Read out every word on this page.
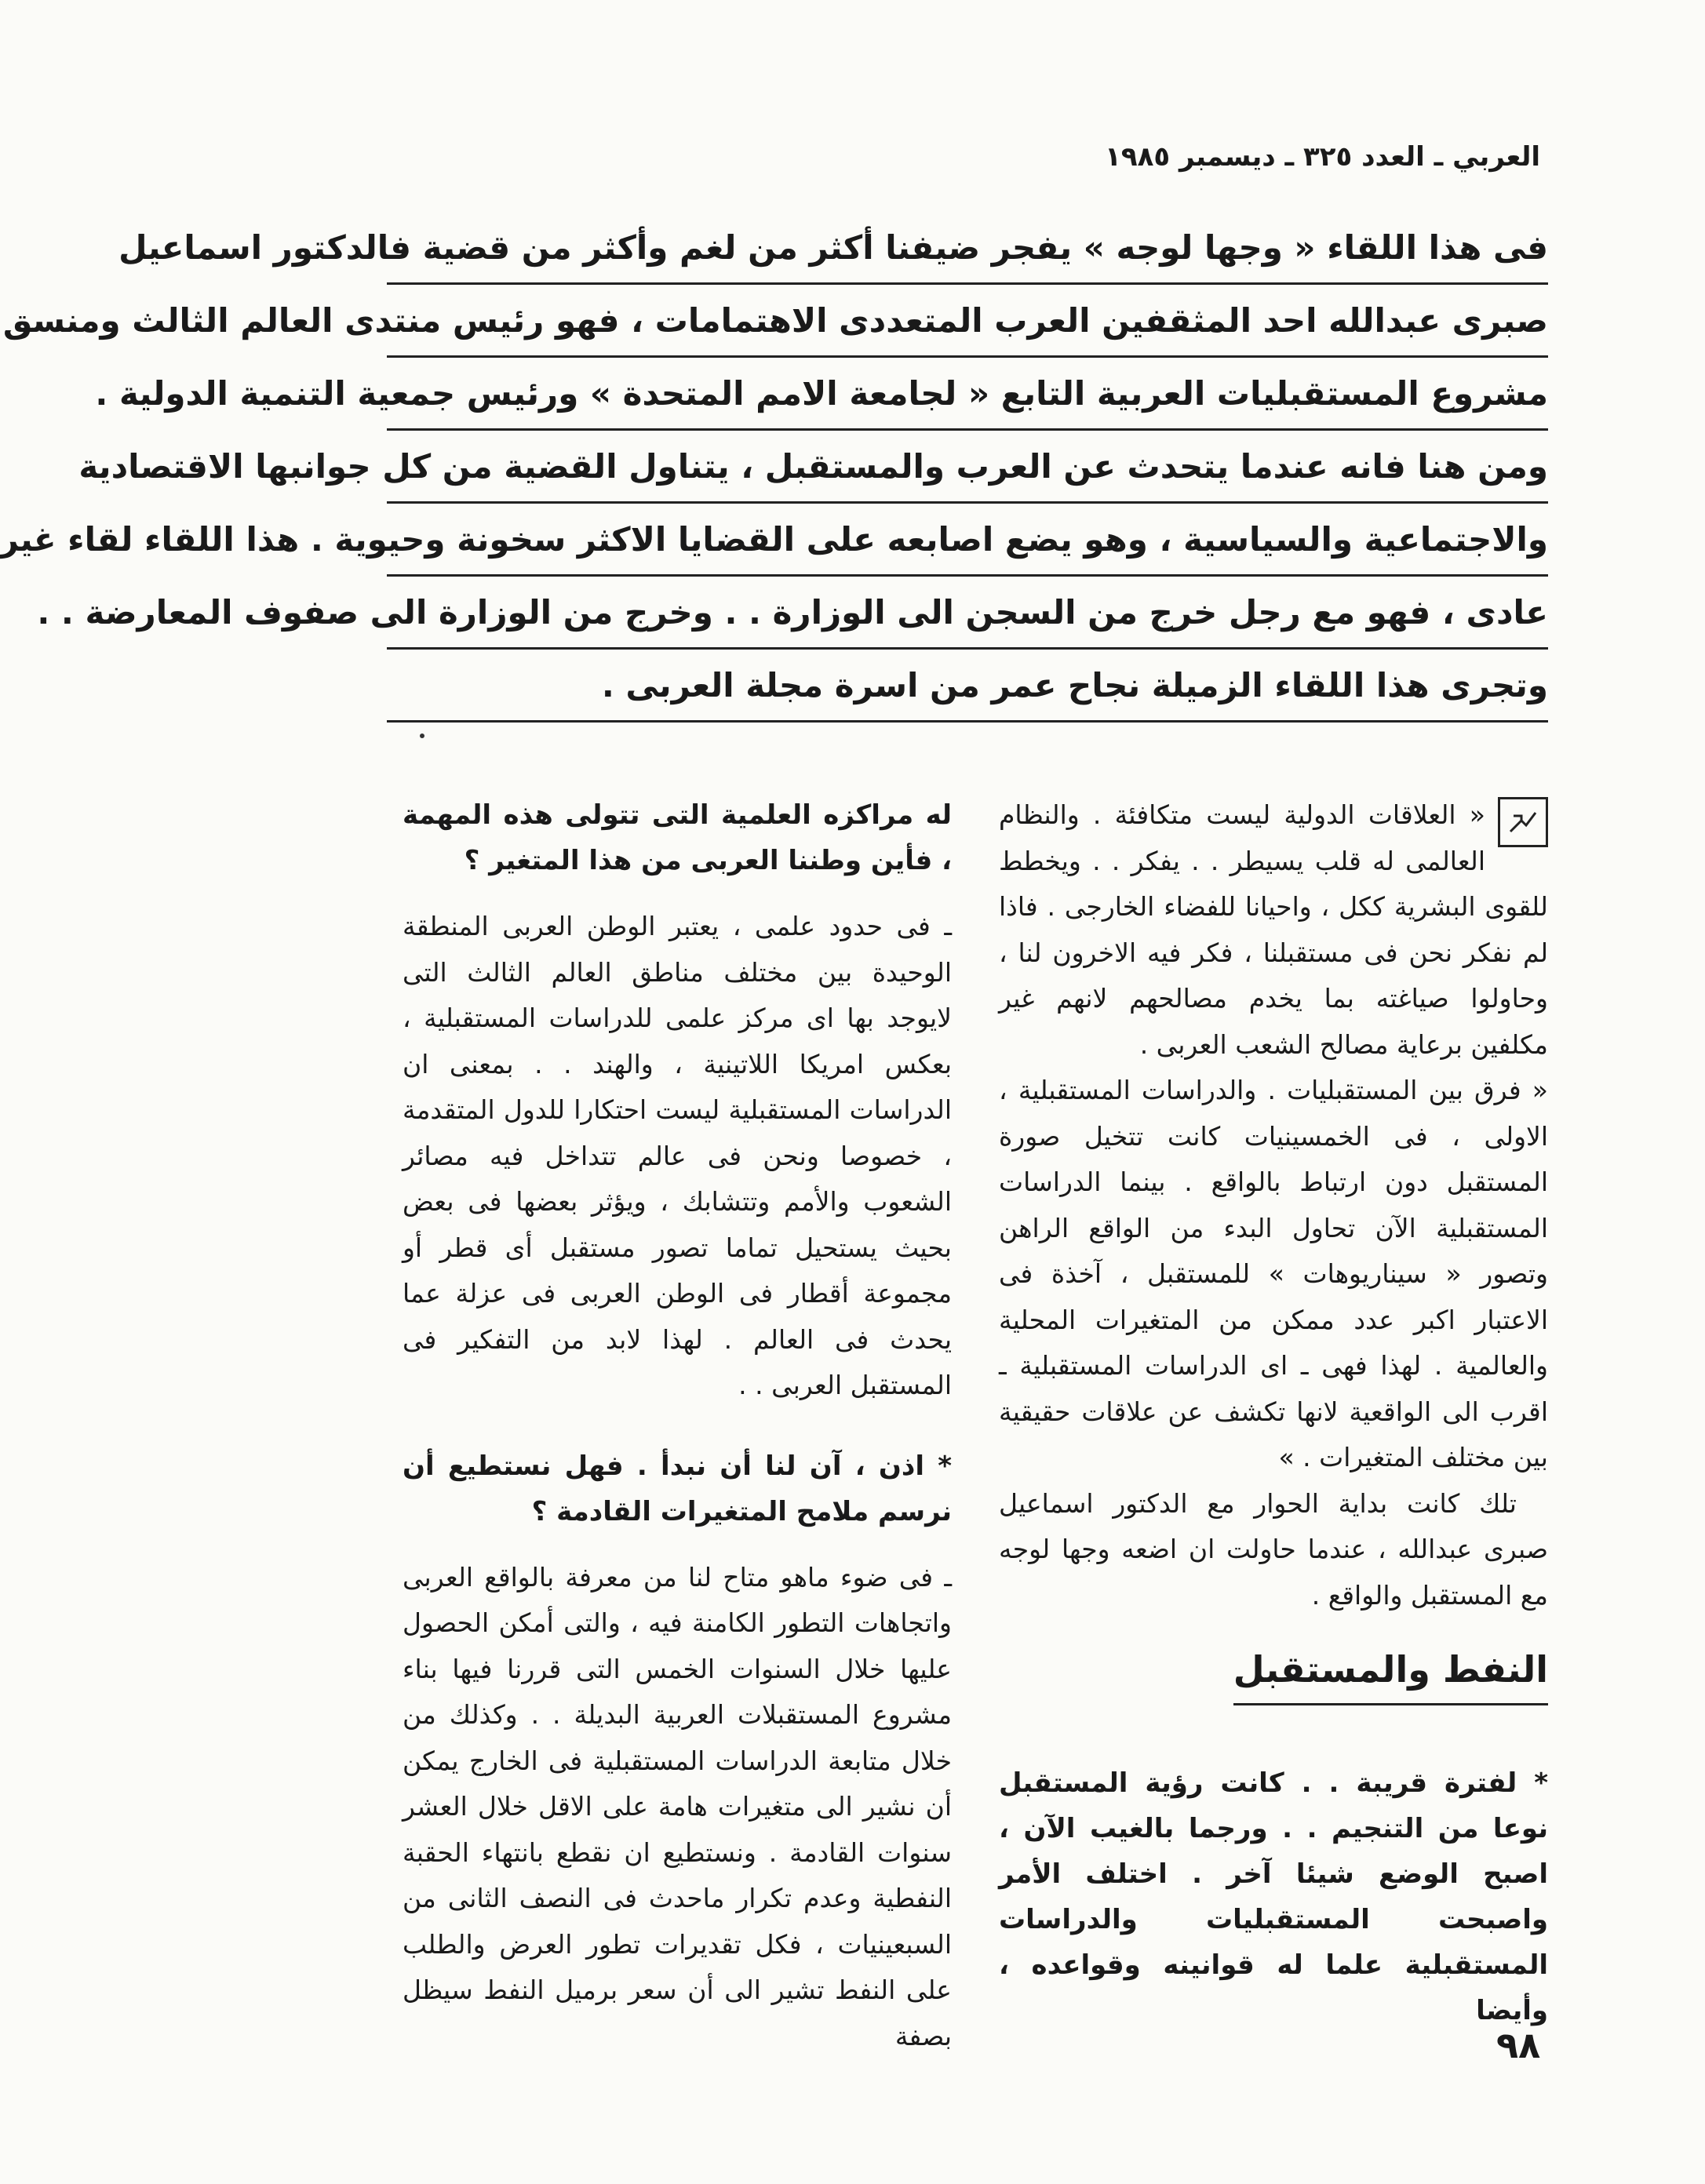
العربي ـ العدد ٣٢٥ ـ ديسمبر ١٩٨٥
فى هذا اللقاء « وجها لوجه » يفجر ضيفنا أكثر من لغم وأكثر من قضية فالدكتور اسماعيل
صبرى عبدالله احد المثقفين العرب المتعددى الاهتمامات ، فهو رئيس منتدى العالم الثالث ومنسق
مشروع المستقبليات العربية التابع « لجامعة الامم المتحدة » ورئيس جمعية التنمية الدولية .
ومن هنا فانه عندما يتحدث عن العرب والمستقبل ، يتناول القضية من كل جوانبها الاقتصادية
والاجتماعية والسياسية ، وهو يضع اصابعه على القضايا الاكثر سخونة وحيوية . هذا اللقاء لقاء غير
عادى ، فهو مع رجل خرج من السجن الى الوزارة . . وخرج من الوزارة الى صفوف المعارضة . .
وتجرى هذا اللقاء الزميلة نجاح عمر من اسرة مجلة العربى .

« العلاقات الدولية ليست متكافئة . والنظام العالمى له قلب يسيطر . . يفكر . . ويخطط للقوى البشرية ككل ، واحيانا للفضاء الخارجى . فاذا لم نفكر نحن فى مستقبلنا ، فكر فيه الاخرون لنا ، وحاولوا صياغته بما يخدم مصالحهم لانهم غير مكلفين برعاية مصالح الشعب العربى .

« فرق بين المستقبليات . والدراسات المستقبلية ، الاولى ، فى الخمسينيات كانت تتخيل صورة المستقبل دون ارتباط بالواقع . بينما الدراسات المستقبلية الآن تحاول البدء من الواقع الراهن وتصور « سيناريوهات » للمستقبل ، آخذة فى الاعتبار اكبر عدد ممكن من المتغيرات المحلية والعالمية . لهذا فهى ـ اى الدراسات المستقبلية ـ اقرب الى الواقعية لانها تكشف عن علاقات حقيقية بين مختلف المتغيرات . »

تلك كانت بداية الحوار مع الدكتور اسماعيل صبرى عبدالله ، عندما حاولت ان اضعه وجها لوجه مع المستقبل والواقع .

النفط والمستقبل

* لفترة قريبة . . كانت رؤية المستقبل نوعا من التنجيم . . ورجما بالغيب الآن ، اصبح الوضع شيئا آخر . اختلف الأمر واصبحت المستقبليات والدراسات المستقبلية علما له قوانينه وقواعده ، وأيضا

له مراكزه العلمية التى تتولى هذه المهمة ، فأين وطننا العربى من هذا المتغير ؟

ـ فى حدود علمى ، يعتبر الوطن العربى المنطقة الوحيدة بين مختلف مناطق العالم الثالث التى لايوجد بها اى مركز علمى للدراسات المستقبلية ، بعكس امريكا اللاتينية ، والهند . . بمعنى ان الدراسات المستقبلية ليست احتكارا للدول المتقدمة ، خصوصا ونحن فى عالم تتداخل فيه مصائر الشعوب والأمم وتتشابك ، ويؤثر بعضها فى بعض بحيث يستحيل تماما تصور مستقبل أى قطر أو مجموعة أقطار فى الوطن العربى فى عزلة عما يحدث فى العالم . لهذا لابد من التفكير فى المستقبل العربى . .

* اذن ، آن لنا أن نبدأ . فهل نستطيع أن نرسم ملامح المتغيرات القادمة ؟

ـ فى ضوء ماهو متاح لنا من معرفة بالواقع العربى واتجاهات التطور الكامنة فيه ، والتى أمكن الحصول عليها خلال السنوات الخمس التى قررنا فيها بناء مشروع المستقبلات العربية البديلة . . وكذلك من خلال متابعة الدراسات المستقبلية فى الخارج يمكن أن نشير الى متغيرات هامة على الاقل خلال العشر سنوات القادمة . ونستطيع ان نقطع بانتهاء الحقبة النفطية وعدم تكرار ماحدث فى النصف الثانى من السبعينيات ، فكل تقديرات تطور العرض والطلب على النفط تشير الى أن سعر برميل النفط سيظل بصفة	٩٨
